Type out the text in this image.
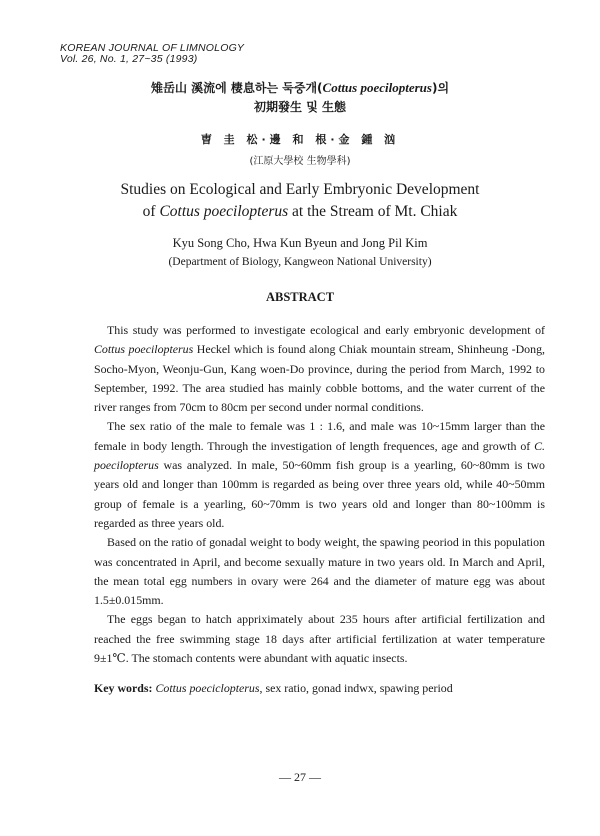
KOREAN JOURNAL OF LIMNOLOGY
Vol. 26, No. 1, 27~35 (1993)
雉岳山 溪流에 棲息하는 둑중개(Cottus poecilopterus)의
初期發生 및 生態
曺 圭 松·邊 和 根·金 鍾 汹
(江原大學校 生物學科)
Studies on Ecological and Early Embryonic Development
of Cottus poecilopterus at the Stream of Mt. Chiak
Kyu Song Cho, Hwa Kun Byeun and Jong Pil Kim
(Department of Biology, Kangweon National University)
ABSTRACT

This study was performed to investigate ecological and early embryonic development of Cottus poecilopterus Heckel which is found along Chiak mountain stream, Shinheung -Dong, Socho-Myon, Weonju-Gun, Kang woen-Do province, during the period from March, 1992 to September, 1992. The area studied has mainly cobble bottoms, and the water current of the river ranges from 70cm to 80cm per second under normal conditions.

The sex ratio of the male to female was 1 : 1.6, and male was 10~15mm larger than the female in body length. Through the investigation of length frequences, age and growth of C. poecilopterus was analyzed. In male, 50~60mm fish group is a yearling, 60~80mm is two years old and longer than 100mm is regarded as being over three years old, while 40~50mm group of female is a yearling, 60~70mm is two years old and longer than 80~100mm is regarded as three years old.

Based on the ratio of gonadal weight to body weight, the spawing peoriod in this population was concentrated in April, and become sexually mature in two years old. In March and April, the mean total egg numbers in ovary were 264 and the diameter of mature egg was about 1.5±0.015mm.

The eggs began to hatch appriximately about 235 hours after artificial fertilization and reached the free swimming stage 18 days after artificial fertilization at water temperature 9±1℃. The stomach contents were abundant with aquatic insects.

Key words: Cottus poeciclopterus, sex ratio, gonad indwx, spawing period
— 27 —
